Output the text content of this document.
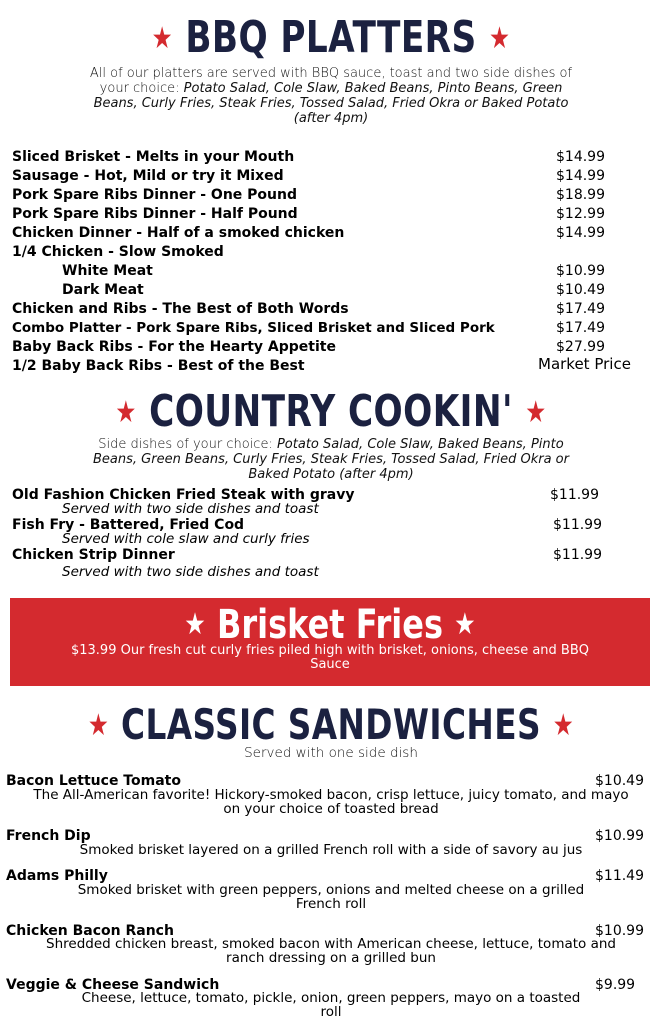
★ BBQ PLATTERS ★
All of our platters are served with BBQ sauce, toast and two side dishes of your choice: Potato Salad, Cole Slaw, Baked Beans, Pinto Beans, Green Beans, Curly Fries, Steak Fries, Tossed Salad, Fried Okra or Baked Potato (after 4pm)
Sliced Brisket - Melts in your Mouth	$14.99
Sausage - Hot, Mild or try it Mixed	$14.99
Pork Spare Ribs Dinner - One Pound	$18.99
Pork Spare Ribs Dinner - Half Pound	$12.99
Chicken Dinner - Half of a smoked chicken	$14.99
1/4 Chicken - Slow Smoked
White Meat	$10.99
Dark Meat	$10.49
Chicken and Ribs - The Best of Both Words	$17.49
Combo Platter - Pork Spare Ribs, Sliced Brisket and Sliced Pork	$17.49
Baby Back Ribs - For the Hearty Appetite	$27.99
1/2 Baby Back Ribs - Best of the Best	Market Price
★ COUNTRY COOKIN' ★
Side dishes of your choice: Potato Salad, Cole Slaw, Baked Beans, Pinto Beans, Green Beans, Curly Fries, Steak Fries, Tossed Salad, Fried Okra or Baked Potato (after 4pm)
Old Fashion Chicken Fried Steak with gravy	$11.99
Served with two side dishes and toast
Fish Fry - Battered, Fried Cod	$11.99
Served with cole slaw and curly fries
Chicken Strip Dinner	$11.99
Served with two side dishes and toast
★ Brisket Fries ★
$13.99 Our fresh cut curly fries piled high with brisket, onions, cheese and BBQ Sauce
★ CLASSIC SANDWICHES ★
Served with one side dish
Bacon Lettuce Tomato	$10.49
The All-American favorite! Hickory-smoked bacon, crisp lettuce, juicy tomato, and mayo on your choice of toasted bread
French Dip	$10.99
Smoked brisket layered on a grilled French roll with a side of savory au jus
Adams Philly	$11.49
Smoked brisket with green peppers, onions and melted cheese on a grilled French roll
Chicken Bacon Ranch	$10.99
Shredded chicken breast, smoked bacon with American cheese, lettuce, tomato and ranch dressing on a grilled bun
Veggie & Cheese Sandwich	$9.99
Cheese, lettuce, tomato, pickle, onion, green peppers, mayo on a toasted roll
